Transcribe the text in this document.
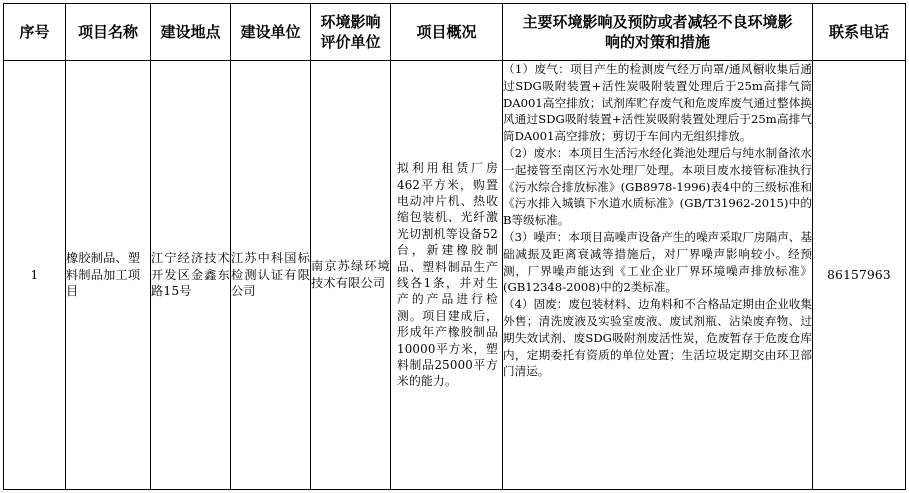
序号	项目名称	建设地点	建设单位	环境影响评价单位	项目概况	主要环境影响及预防或者减轻不良环境影响的对策和措施	联系电话
1	橡胶制品、塑料制品加工项目	江宁经济技术开发区金鑫东路15号	江苏中科国标检测认证有限公司	南京苏绿环境技术有限公司	拟利用租赁厂房462平方米，购置电动冲片机、热收缩包装机、光纤激光切割机等设备52台，新建橡胶制品、塑料制品生产线各1条，并对生产的产品进行检测。项目建成后，形成年产橡胶制品10000平方米，塑料制品25000平方米的能力。	（1）废气：项目产生的检测废气经万向罩/通风橱收集后通过SDG吸附装置+活性炭吸附装置处理后于25m高排气筒DA001高空排放；试剂库贮存废气和危废库废气通过整体换风通过SDG吸附装置+活性炭吸附装置处理后于25m高排气筒DA001高空排放；剪切于车间内无组织排放。

（2）废水：本项目生活污水经化粪池处理后与纯水制备浓水一起接管至南区污水处理厂处理。本项目废水接管标准执行《污水综合排放标准》(GB8978-1996)表4中的三级标准和《污水排入城镇下水道水质标准》(GB/T31962-2015)中的B等级标准。

（3）噪声：本项目高噪声设备产生的噪声采取厂房隔声、基础减振及距离衰减等措施后，对厂界噪声影响较小。经预测，厂界噪声能达到《工业企业厂界环境噪声排放标准》(GB12348-2008)中的2类标准。

（4）固废：废包装材料、边角料和不合格品定期由企业收集外售；清洗废液及实验室废液、废试剂瓶、沾染废弃物、过期失效试剂、废SDG吸附剂废活性炭，危废暂存于危废仓库内，定期委托有资质的单位处置；生活垃圾定期交由环卫部门清运。	86157963
